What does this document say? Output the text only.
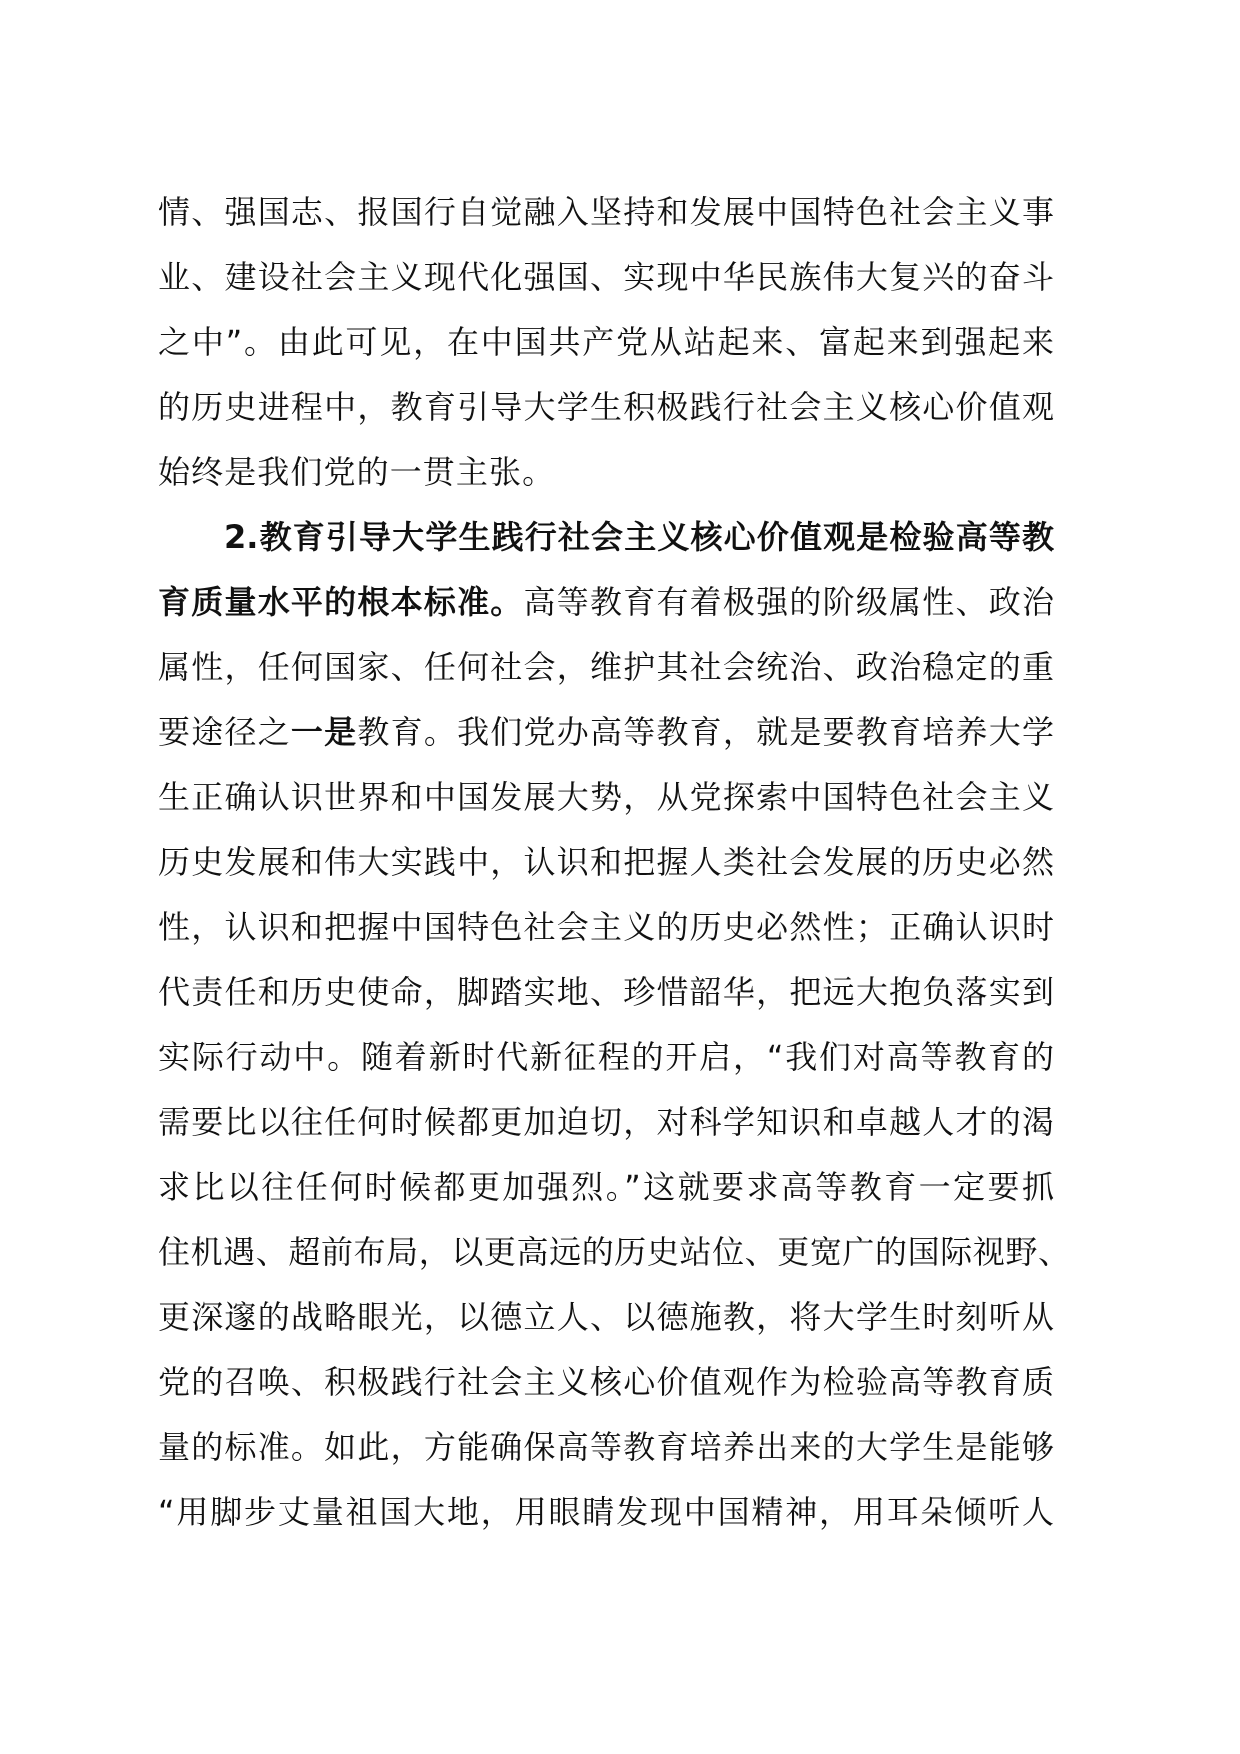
情、强国志、报国行自觉融入坚持和发展中国特色社会主义事
业、建设社会主义现代化强国、实现中华民族伟大复兴的奋斗
之中”。由此可见，在中国共产党从站起来、富起来到强起来
的历史进程中，教育引导大学生积极践行社会主义核心价值观
始终是我们党的一贯主张。
2.教育引导大学生践行社会主义核心价值观是检验高等教
育质量水平的根本标准。高等教育有着极强的阶级属性、政治
属性，任何国家、任何社会，维护其社会统治、政治稳定的重
要途径之一是教育。我们党办高等教育，就是要教育培养大学
生正确认识世界和中国发展大势，从党探索中国特色社会主义
历史发展和伟大实践中，认识和把握人类社会发展的历史必然
性，认识和把握中国特色社会主义的历史必然性；正确认识时
代责任和历史使命，脚踏实地、珍惜韶华，把远大抱负落实到
实际行动中。随着新时代新征程的开启，“我们对高等教育的
需要比以往任何时候都更加迫切，对科学知识和卓越人才的渴
求比以往任何时候都更加强烈。”这就要求高等教育一定要抓
住机遇、超前布局，以更高远的历史站位、更宽广的国际视野、
更深邃的战略眼光，以德立人、以德施教，将大学生时刻听从
党的召唤、积极践行社会主义核心价值观作为检验高等教育质
量的标准。如此，方能确保高等教育培养出来的大学生是能够
“用脚步丈量祖国大地，用眼睛发现中国精神，用耳朵倾听人
